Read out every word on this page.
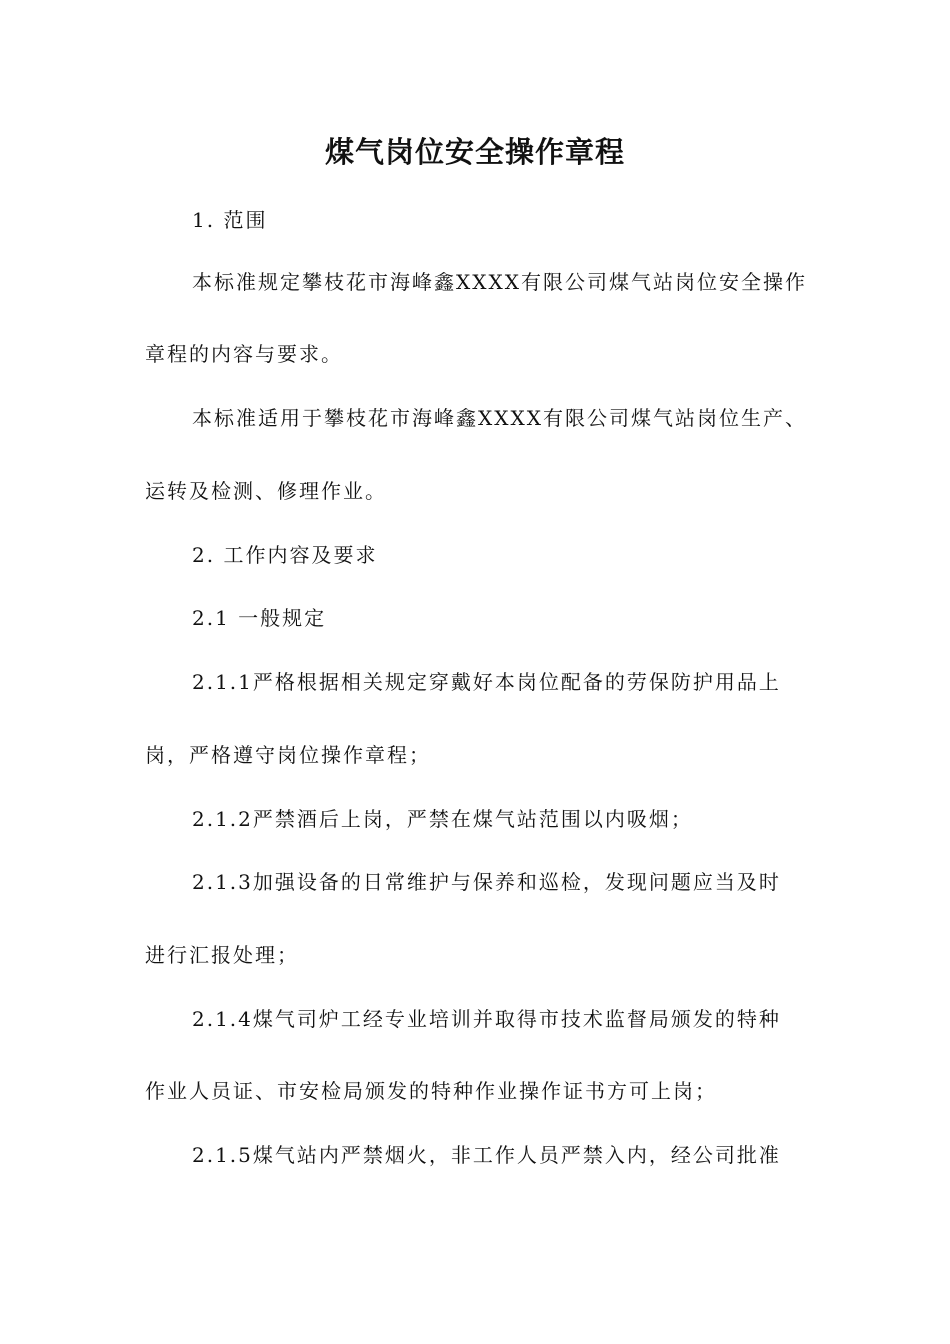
煤气岗位安全操作章程

1. 范围

本标准规定攀枝花市海峰鑫XXXX有限公司煤气站岗位安全操作

章程的内容与要求。

本标准适用于攀枝花市海峰鑫XXXX有限公司煤气站岗位生产、

运转及检测、修理作业。

2. 工作内容及要求

2.1 一般规定

2.1.1严格根据相关规定穿戴好本岗位配备的劳保防护用品上

岗，严格遵守岗位操作章程；

2.1.2严禁酒后上岗，严禁在煤气站范围以内吸烟；

2.1.3加强设备的日常维护与保养和巡检，发现问题应当及时

进行汇报处理；

2.1.4煤气司炉工经专业培训并取得市技术监督局颁发的特种

作业人员证、市安检局颁发的特种作业操作证书方可上岗；

2.1.5煤气站内严禁烟火，非工作人员严禁入内，经公司批准
